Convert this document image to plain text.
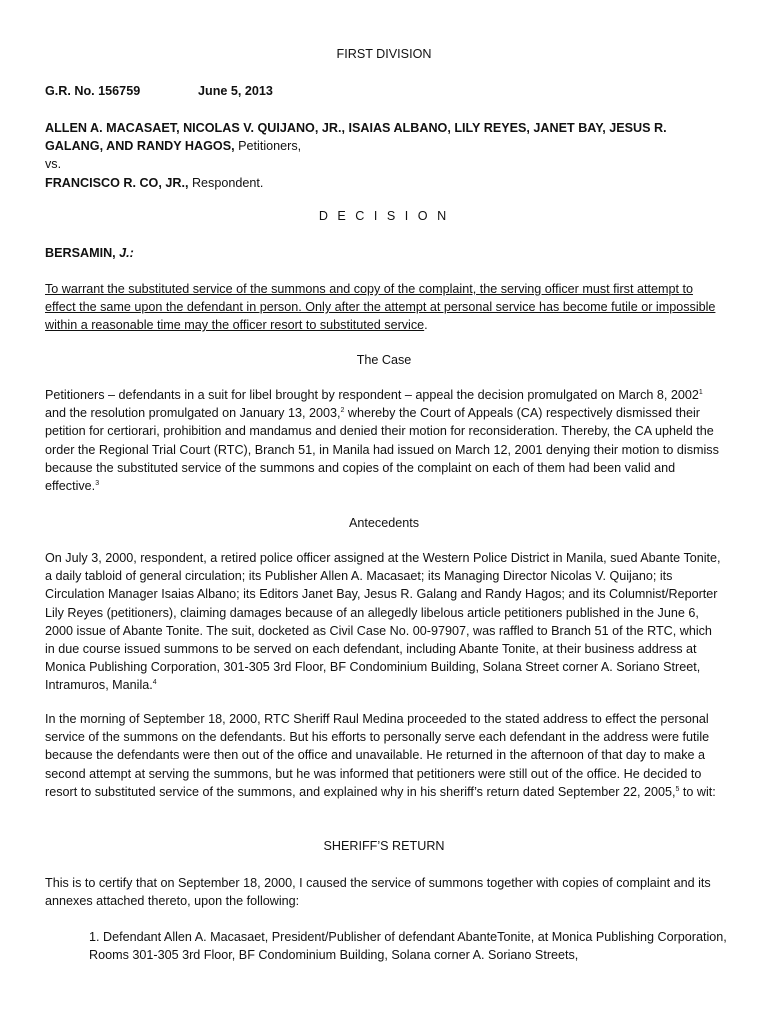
FIRST DIVISION

G.R. No. 156759	June 5, 2013

ALLEN A. MACASAET, NICOLAS V. QUIJANO, JR., ISAIAS ALBANO, LILY REYES, JANET BAY, JESUS R. GALANG, AND RANDY HAGOS, Petitioners,
vs.
FRANCISCO R. CO, JR., Respondent.

D E C I S I O N

BERSAMIN, J.:

To warrant the substituted service of the summons and copy of the complaint, the serving officer must first attempt to effect the same upon the defendant in person. Only after the attempt at personal service has become futile or impossible within a reasonable time may the officer resort to substituted service.

The Case

Petitioners – defendants in a suit for libel brought by respondent – appeal the decision promulgated on March 8, 2002$^1$ and the resolution promulgated on January 13, 2003,$^2$ whereby the Court of Appeals (CA) respectively dismissed their petition for certiorari, prohibition and mandamus and denied their motion for reconsideration. Thereby, the CA upheld the order the Regional Trial Court (RTC), Branch 51, in Manila had issued on March 12, 2001 denying their motion to dismiss because the substituted service of the summons and copies of the complaint on each of them had been valid and effective.$^3$

Antecedents

On July 3, 2000, respondent, a retired police officer assigned at the Western Police District in Manila, sued Abante Tonite, a daily tabloid of general circulation; its Publisher Allen A. Macasaet; its Managing Director Nicolas V. Quijano; its Circulation Manager Isaias Albano; its Editors Janet Bay, Jesus R. Galang and Randy Hagos; and its Columnist/Reporter Lily Reyes (petitioners), claiming damages because of an allegedly libelous article petitioners published in the June 6, 2000 issue of Abante Tonite. The suit, docketed as Civil Case No. 00-97907, was raffled to Branch 51 of the RTC, which in due course issued summons to be served on each defendant, including Abante Tonite, at their business address at Monica Publishing Corporation, 301-305 3rd Floor, BF Condominium Building, Solana Street corner A. Soriano Street, Intramuros, Manila.$^4$

In the morning of September 18, 2000, RTC Sheriff Raul Medina proceeded to the stated address to effect the personal service of the summons on the defendants. But his efforts to personally serve each defendant in the address were futile because the defendants were then out of the office and unavailable. He returned in the afternoon of that day to make a second attempt at serving the summons, but he was informed that petitioners were still out of the office. He decided to resort to substituted service of the summons, and explained why in his sheriff’s return dated September 22, 2005,$^5$ to wit:

SHERIFF’S RETURN

This is to certify that on September 18, 2000, I caused the service of summons together with copies of complaint and its annexes attached thereto, upon the following:

1. Defendant Allen A. Macasaet, President/Publisher of defendant AbanteTonite, at Monica Publishing Corporation, Rooms 301-305 3rd Floor, BF Condominium Building, Solana corner A. Soriano Streets,
